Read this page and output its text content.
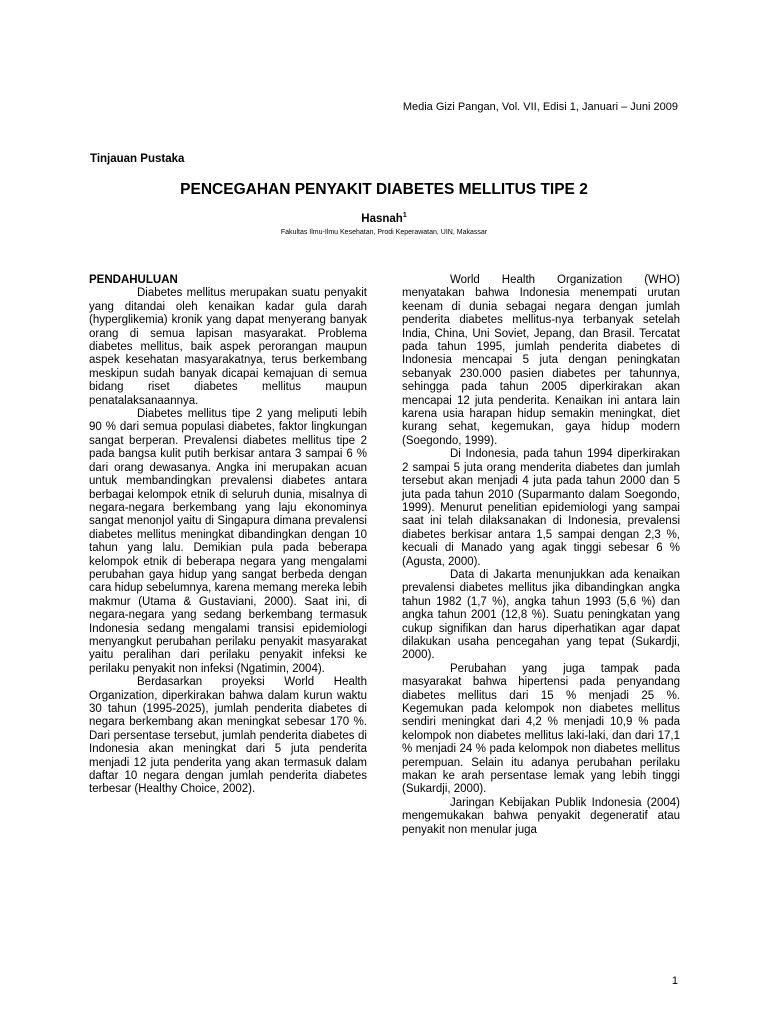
Media Gizi Pangan, Vol. VII, Edisi 1, Januari – Juni 2009
Tinjauan Pustaka
PENCEGAHAN PENYAKIT DIABETES MELLITUS TIPE 2
Hasnah$^1$
Fakultas Ilmu-Ilmu Kesehatan, Prodi Keperawatan, UIN, Makassar
PENDAHULUAN

Diabetes mellitus merupakan suatu penyakit yang ditandai oleh kenaikan kadar gula darah (hyperglikemia) kronik yang dapat menyerang banyak orang di semua lapisan masyarakat. Problema diabetes mellitus, baik aspek perorangan maupun aspek kesehatan masyarakatnya, terus berkembang meskipun sudah banyak dicapai kemajuan di semua bidang riset diabetes mellitus maupun penatalaksanaannya.

Diabetes mellitus tipe 2 yang meliputi lebih 90 % dari semua populasi diabetes, faktor lingkungan sangat berperan. Prevalensi diabetes mellitus tipe 2 pada bangsa kulit putih berkisar antara 3 sampai 6 % dari orang dewasanya. Angka ini merupakan acuan untuk membandingkan prevalensi diabetes antara berbagai kelompok etnik di seluruh dunia, misalnya di negara-negara berkembang yang laju ekonominya sangat menonjol yaitu di Singapura dimana prevalensi diabetes mellitus meningkat dibandingkan dengan 10 tahun yang lalu. Demikian pula pada beberapa kelompok etnik di beberapa negara yang mengalami perubahan gaya hidup yang sangat berbeda dengan cara hidup sebelumnya, karena memang mereka lebih makmur (Utama & Gustaviani, 2000). Saat ini, di negara-negara yang sedang berkembang termasuk Indonesia sedang mengalami transisi epidemiologi menyangkut perubahan perilaku penyakit masyarakat yaitu peralihan dari perilaku penyakit infeksi ke perilaku penyakit non infeksi (Ngatimin, 2004).

Berdasarkan proyeksi World Health Organization, diperkirakan bahwa dalam kurun waktu 30 tahun (1995-2025), jumlah penderita diabetes di negara berkembang akan meningkat sebesar 170 %. Dari persentase tersebut, jumlah penderita diabetes di Indonesia akan meningkat dari 5 juta penderita menjadi 12 juta penderita yang akan termasuk dalam daftar 10 negara dengan jumlah penderita diabetes terbesar (Healthy Choice, 2002).

World Health Organization (WHO) menyatakan bahwa Indonesia menempati urutan keenam di dunia sebagai negara dengan jumlah penderita diabetes mellitus-nya terbanyak setelah India, China, Uni Soviet, Jepang, dan Brasil. Tercatat pada tahun 1995, jumlah penderita diabetes di Indonesia mencapai 5 juta dengan peningkatan sebanyak 230.000 pasien diabetes per tahunnya, sehingga pada tahun 2005 diperkirakan akan mencapai 12 juta penderita. Kenaikan ini antara lain karena usia harapan hidup semakin meningkat, diet kurang sehat, kegemukan, gaya hidup modern (Soegondo, 1999).

Di Indonesia, pada tahun 1994 diperkirakan 2 sampai 5 juta orang menderita diabetes dan jumlah tersebut akan menjadi 4 juta pada tahun 2000 dan 5 juta pada tahun 2010 (Suparmanto dalam Soegondo, 1999). Menurut penelitian epidemiologi yang sampai saat ini telah dilaksanakan di Indonesia, prevalensi diabetes berkisar antara 1,5 sampai dengan 2,3 %, kecuali di Manado yang agak tinggi sebesar 6 % (Agusta, 2000).

Data di Jakarta menunjukkan ada kenaikan prevalensi diabetes mellitus jika dibandingkan angka tahun 1982 (1,7 %), angka tahun 1993 (5,6 %) dan angka tahun 2001 (12,8 %). Suatu peningkatan yang cukup signifikan dan harus diperhatikan agar dapat dilakukan usaha pencegahan yang tepat (Sukardji, 2000).

Perubahan yang juga tampak pada masyarakat bahwa hipertensi pada penyandang diabetes mellitus dari 15 % menjadi 25 %. Kegemukan pada kelompok non diabetes mellitus sendiri meningkat dari 4,2 % menjadi 10,9 % pada kelompok non diabetes mellitus laki-laki, dan dari 17,1 % menjadi 24 % pada kelompok non diabetes mellitus perempuan. Selain itu adanya perubahan perilaku makan ke arah persentase lemak yang lebih tinggi (Sukardji, 2000).

Jaringan Kebijakan Publik Indonesia (2004) mengemukakan bahwa penyakit degeneratif atau penyakit non menular juga

1
